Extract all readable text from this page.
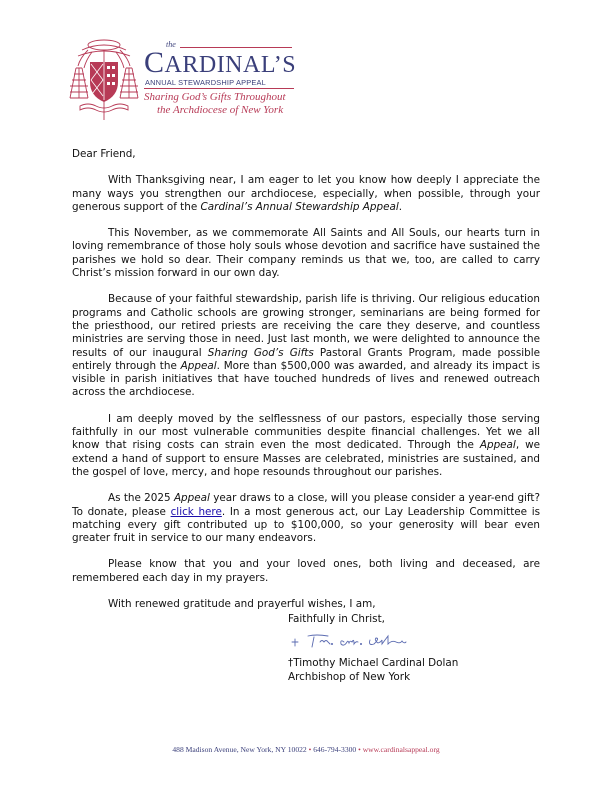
the
CARDINAL’S
ANNUAL STEWARDSHIP APPEAL
Sharing God’s Gifts Throughout
the Archdiocese of New York
Dear Friend,

With Thanksgiving near, I am eager to let you know how deeply I appreciate the many ways you strengthen our archdiocese, especially, when possible, through your generous support of the Cardinal’s Annual Stewardship Appeal.

This November, as we commemorate All Saints and All Souls, our hearts turn in loving remembrance of those holy souls whose devotion and sacrifice have sustained the parishes we hold so dear. Their company reminds us that we, too, are called to carry Christ’s mission forward in our own day.

Because of your faithful stewardship, parish life is thriving. Our religious education programs and Catholic schools are growing stronger, seminarians are being formed for the priesthood, our retired priests are receiving the care they deserve, and countless ministries are serving those in need. Just last month, we were delighted to announce the results of our inaugural Sharing God’s Gifts Pastoral Grants Program, made possible entirely through the Appeal. More than $500,000 was awarded, and already its impact is visible in parish initiatives that have touched hundreds of lives and renewed outreach across the archdiocese.

I am deeply moved by the selflessness of our pastors, especially those serving faithfully in our most vulnerable communities despite financial challenges. Yet we all know that rising costs can strain even the most dedicated. Through the Appeal, we extend a hand of support to ensure Masses are celebrated, ministries are sustained, and the gospel of love, mercy, and hope resounds throughout our parishes.

As the 2025 Appeal year draws to a close, will you please consider a year-end gift? To donate, please click here. In a most generous act, our Lay Leadership Committee is matching every gift contributed up to $100,000, so your generosity will bear even greater fruit in service to our many endeavors.

Please know that you and your loved ones, both living and deceased, are remembered each day in my prayers.

With renewed gratitude and prayerful wishes, I am,

Faithfully in Christ,
†Timothy Michael Cardinal Dolan
Archbishop of New York
488 Madison Avenue, New York, NY 10022 • 646-794-3300 • www.cardinalsappeal.org
